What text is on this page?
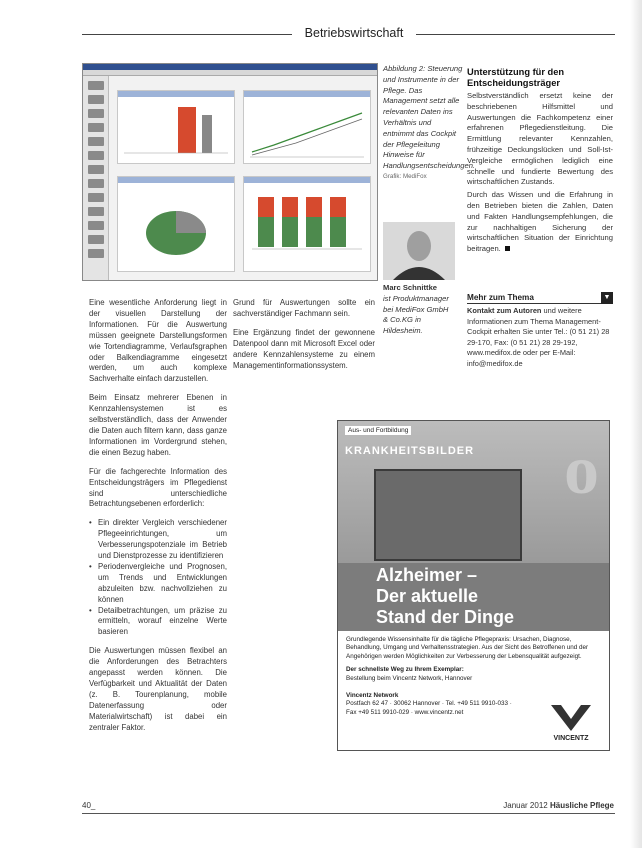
Betriebswirtschaft
Abbildung 2: Steuerung und Instrumente in der Pflege. Das Management setzt alle relevanten Daten ins Verhältnis und entnimmt das Cockpit der Pflegeleitung Hinweise für Handlungsentscheidungen.
Grafik: MediFox
Marc Schnittke
ist Produktmanager bei MediFox GmbH & Co.KG in Hildesheim.
Unterstützung für den Entscheidungsträger
Selbstverständlich ersetzt keine der beschriebenen Hilfsmittel und Auswertungen die Fachkompetenz einer erfahrenen Pflegedienstleitung. Die Ermittlung relevanter Kennzahlen, frühzeitige Deckungslücken und Soll-Ist-Vergleiche ermöglichen lediglich eine schnelle und fundierte Bewertung des wirtschaftlichen Zustands.
Durch das Wissen und die Erfahrung in den Betrieben bieten die Zahlen, Daten und Fakten Handlungsempfehlungen, die zur nachhaltigen Sicherung der wirtschaftlichen Situation der Einrichtung beitragen.
Mehr zum Thema	▼
Kontakt zum Autoren und weitere Informationen zum Thema Management-Cockpit erhalten Sie unter Tel.: (0 51 21) 28 29-170, Fax: (0 51 21) 28 29-192, www.medifox.de oder per E-Mail: info@medifox.de

Eine wesentliche Anforderung liegt in der visuellen Darstellung der Informationen. Für die Auswertung müssen geeignete Darstellungsformen wie Tortendiagramme, Verlaufsgraphen oder Balkendiagramme eingesetzt werden, um auch komplexe Sachverhalte einfach darzustellen.

Beim Einsatz mehrerer Ebenen in Kennzahlensystemen ist es selbstverständlich, dass der Anwender die Daten auch filtern kann, dass ganze Informationen im Vordergrund stehen, die einen Bezug haben.

Für die fachgerechte Information des Entscheidungsträgers im Pflegedienst sind unterschiedliche Betrachtungsebenen erforderlich:

• Ein direkter Vergleich verschiedener Pflegeeinrichtungen, um Verbesserungspotenziale im Betrieb und Dienstprozesse zu identifizieren
• Periodenvergleiche und Prognosen, um Trends und Entwicklungen abzuleiten bzw. nachvollziehen zu können
• Detailbetrachtungen, um präzise zu ermitteln, worauf einzelne Werte basieren

Die Auswertungen müssen flexibel an die Anforderungen des Betrachters angepasst werden können. Die Verfügbarkeit und Aktualität der Daten (z. B. Tourenplanung, mobile Datenerfassung oder Materialwirtschaft) ist dabei ein zentraler Faktor.

Grund für Auswertungen sollte ein sachverständiger Fachmann sein.

Eine Ergänzung findet der gewonnene Datenpool dann mit Microsoft Excel oder andere Kennzahlensysteme zu einem Managementinformationssystem.

Aus- und Fortbildung
KRANKHEITSBILDER o
Alzheimer –
Der aktuelle
Stand der Dinge
Grundlegende Wissensinhalte für die tägliche Pflegepraxis: Ursachen, Diagnose, Behandlung, Umgang und Verhaltensstrategien. Aus der Sicht des Betroffenen und der Angehörigen werden Möglichkeiten zur Verbesserung der Lebensqualität aufgezeigt.
Der schnellste Weg zu Ihrem Exemplar:
Bestellung beim Vincentz Network, Hannover
Vincentz Network
Postfach 62 47 · 30062 Hannover · Tel. +49 511 9910-033 · Fax +49 511 9910-029 · www.vincentz.net
VINCENTZ
40_	Januar 2012 Häusliche Pflege
